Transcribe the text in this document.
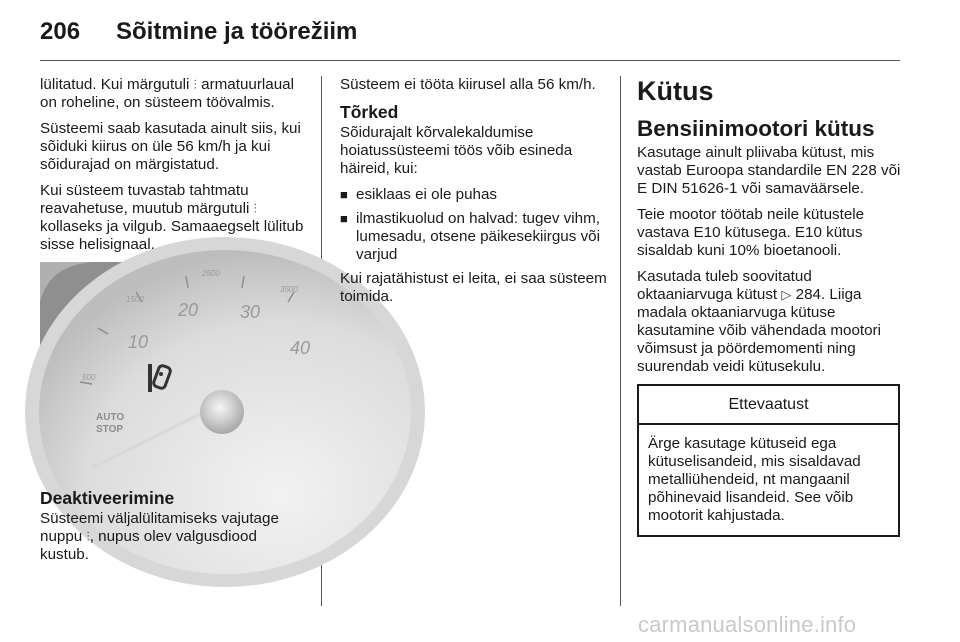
206 Sõitmine ja töörežiim

lülitatud. Kui märgutuli ⫶ armatuurlaual on roheline, on süsteem töövalmis.

Süsteemi saab kasutada ainult siis, kui sõiduki kiirus on üle 56 km/h ja kui sõidurajad on märgistatud.

Kui süsteem tuvastab tahtmatu reavahetuse, muutub märgutuli ⫶ kollaseks ja vilgub. Samaaegselt lülitub sisse helisignaal.

10
20 30
40
500
1500
2500
3500
AUTO
STOP
Deaktiveerimine

Süsteemi väljalülitamiseks vajutage nuppu ⫶, nupus olev valgusdiood kustub.

Süsteem ei tööta kiirusel alla 56 km/h.

Tõrked

Sõidurajalt kõrvalekaldumise hoiatussüsteemi töös võib esineda häireid, kui:

■ esiklaas ei ole puhas
■ ilmastikuolud on halvad: tugev vihm, lumesadu, otsene päikesekiirgus või varjud

Kui rajatähistust ei leita, ei saa süsteem toimida.

Kütus
Bensiinimootori kütus

Kasutage ainult pliivaba kütust, mis vastab Euroopa standardile EN 228 või E DIN 51626-1 või samaväärsele.

Teie mootor töötab neile kütustele vastava E10 kütusega. E10 kütus sisaldab kuni 10% bioetanooli.

Kasutada tuleb soovitatud oktaaniarvuga kütust ▷ 284. Liiga madala oktaaniarvuga kütuse kasutamine võib vähendada mootori võimsust ja pöördemomenti ning suurendab veidi kütusekulu.

Ettevaatust
Ärge kasutage kütuseid ega kütuselisandeid, mis sisaldavad metalliühendeid, nt mangaanil põhinevaid lisandeid. See võib mootorit kahjustada.
carmanualsonline.info
